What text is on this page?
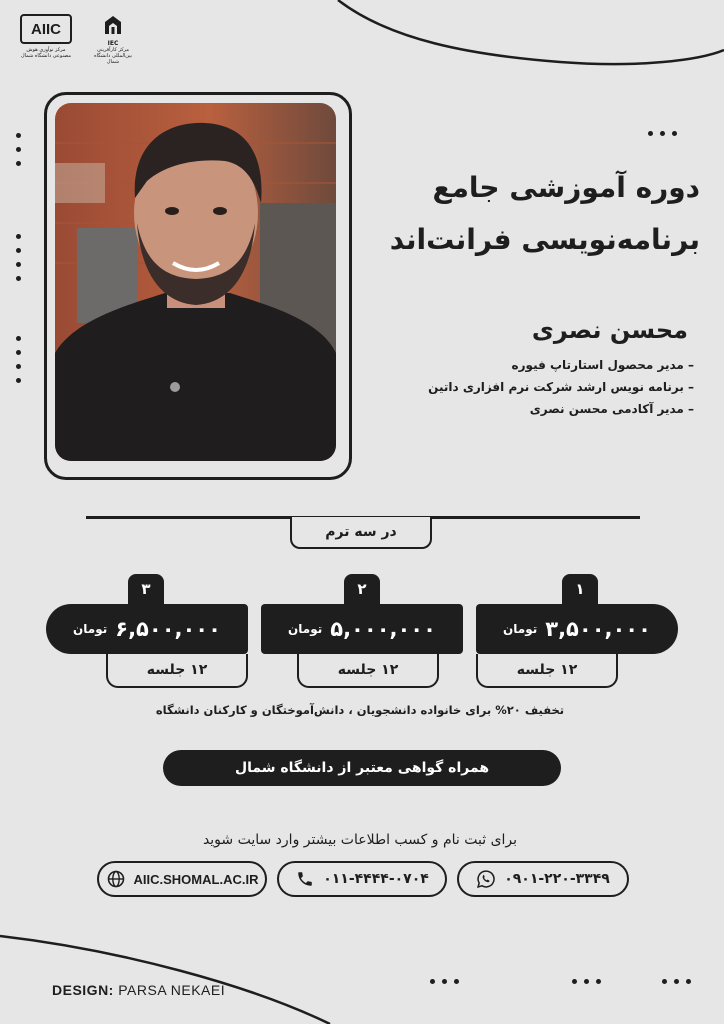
AIIC
مرکز نوآوری هوش مصنوعی دانشگاه شمال
IEC
مرکز کارآفرینی بین‌المللی دانشگاه شمال
دوره آموزشی جامع
برنامه‌نویسی فرانت‌اند
محسن نصری
– مدیر محصول استارتاپ فیوره
– برنامه نویس ارشد شرکت نرم افزاری داتین
– مدیر آکادمی محسن نصری
در سه ترم
۱
۳,۵۰۰,۰۰۰
تومان
۱۲ جلسه
۲
۵,۰۰۰,۰۰۰
تومان
۱۲ جلسه
۳
۶,۵۰۰,۰۰۰
تومان
۱۲ جلسه
تخفیف ۲۰% برای خانواده دانشجویان ، دانش‌آموختگان و کارکنان دانشگاه
همراه گواهی معتبر از دانشگاه شمال
برای ثبت نام و کسب اطلاعات بیشتر وارد سایت شوید
AIIC.SHOMAL.AC.IR	۰۱۱-۴۴۴۴-۰۷۰۴	۰۹۰۱-۲۲۰-۳۳۴۹
DESIGN: PARSA NEKAEI
